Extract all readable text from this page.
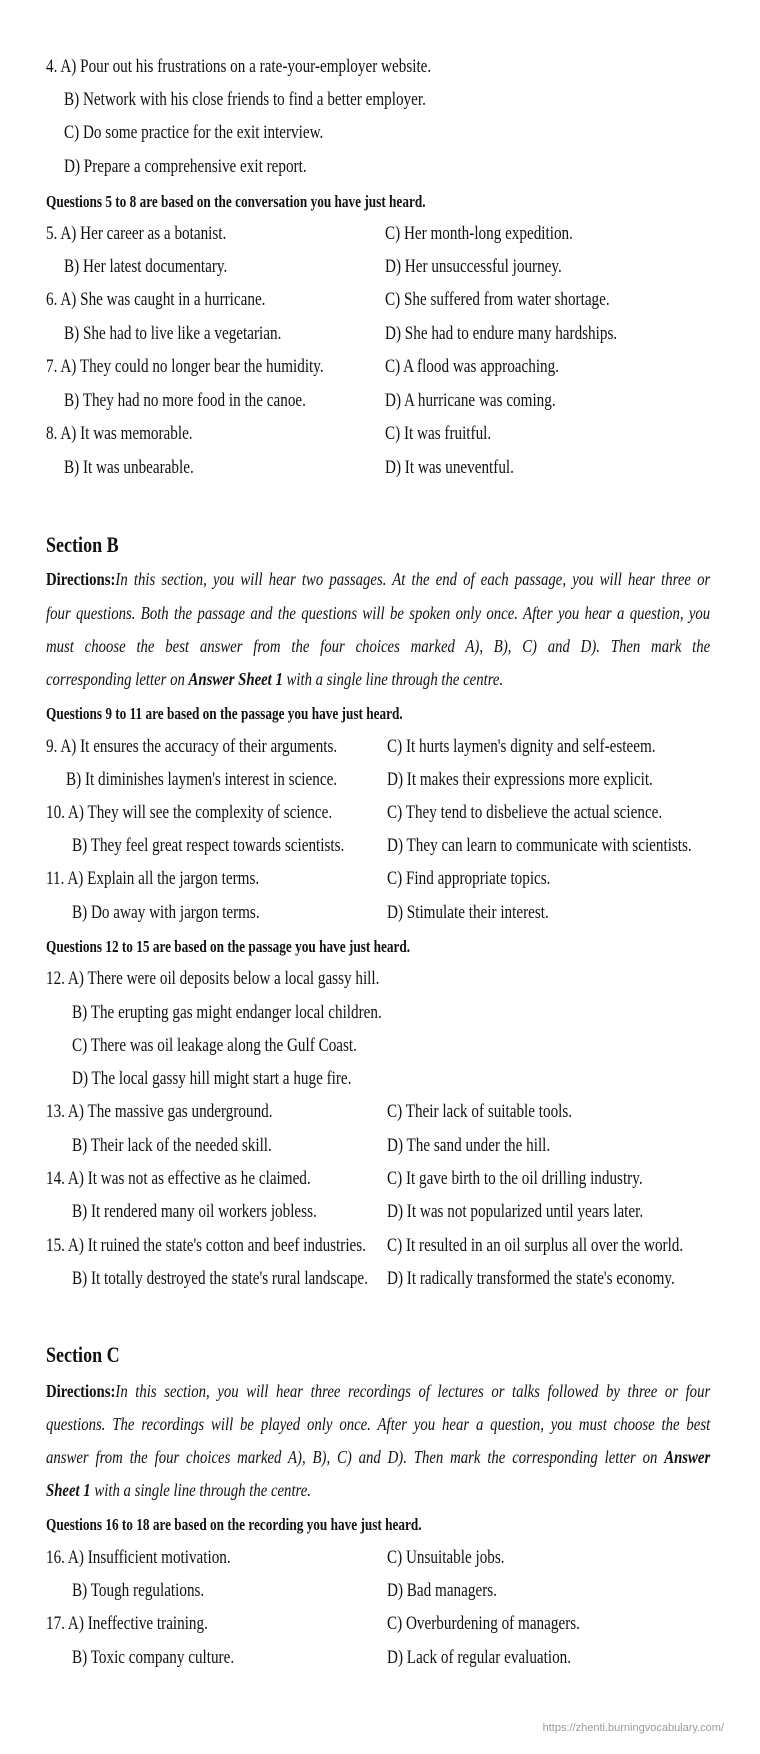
4. A) Pour out his frustrations on a rate-your-employer website.
B) Network with his close friends to find a better employer.
C) Do some practice for the exit interview.
D) Prepare a comprehensive exit report.
Questions 5 to 8 are based on the conversation you have just heard.
5. A) Her career as a botanist.	C) Her month-long expedition.
B) Her latest documentary.	D) Her unsuccessful journey.
6. A) She was caught in a hurricane.	C) She suffered from water shortage.
B) She had to live like a vegetarian.	D) She had to endure many hardships.
7. A) They could no longer bear the humidity.	C) A flood was approaching.
B) They had no more food in the canoe.	D) A hurricane was coming.
8. A) It was memorable.	C) It was fruitful.
B) It was unbearable.	D) It was uneventful.
Section B
Directions:In this section, you will hear two passages. At the end of each passage, you will hear three or
four questions. Both the passage and the questions will be spoken only once. After you hear a question, you
must choose the best answer from the four choices marked A), B), C) and D). Then mark the
corresponding letter on Answer Sheet 1 with a single line through the centre.
Questions 9 to 11 are based on the passage you have just heard.
9. A) It ensures the accuracy of their arguments.	C) It hurts laymen's dignity and self-esteem.
B) It diminishes laymen's interest in science.	D) It makes their expressions more explicit.
10. A) They will see the complexity of science.	C) They tend to disbelieve the actual science.
B) They feel great respect towards scientists. D) They can learn to communicate with scientists.
11. A) Explain all the jargon terms.	C) Find appropriate topics.
B) Do away with jargon terms.	D) Stimulate their interest.
Questions 12 to 15 are based on the passage you have just heard.
12. A) There were oil deposits below a local gassy hill.
B) The erupting gas might endanger local children.
C) There was oil leakage along the Gulf Coast.
D) The local gassy hill might start a huge fire.
13. A) The massive gas underground.	C) Their lack of suitable tools.
B) Their lack of the needed skill.	D) The sand under the hill.
14. A) It was not as effective as he claimed.	C) It gave birth to the oil drilling industry.
B) It rendered many oil workers jobless.	D) It was not popularized until years later.
15. A) It ruined the state's cotton and beef industries. C) It resulted in an oil surplus all over the world.
B) It totally destroyed the state's rural landscape. D) It radically transformed the state's economy.
Section C
Directions:In this section, you will hear three recordings of lectures or talks followed by three or four
questions. The recordings will be played only once. After you hear a question, you must choose the best
answer from the four choices marked A), B), C) and D). Then mark the corresponding letter on Answer
Sheet 1 with a single line through the centre.
Questions 16 to 18 are based on the recording you have just heard.
16. A) Insufficient motivation.	C) Unsuitable jobs.
B) Tough regulations.	D) Bad managers.
17. A) Ineffective training.	C) Overburdening of managers.
B) Toxic company culture.	D) Lack of regular evaluation.
https://zhenti.burningvocabulary.com/
